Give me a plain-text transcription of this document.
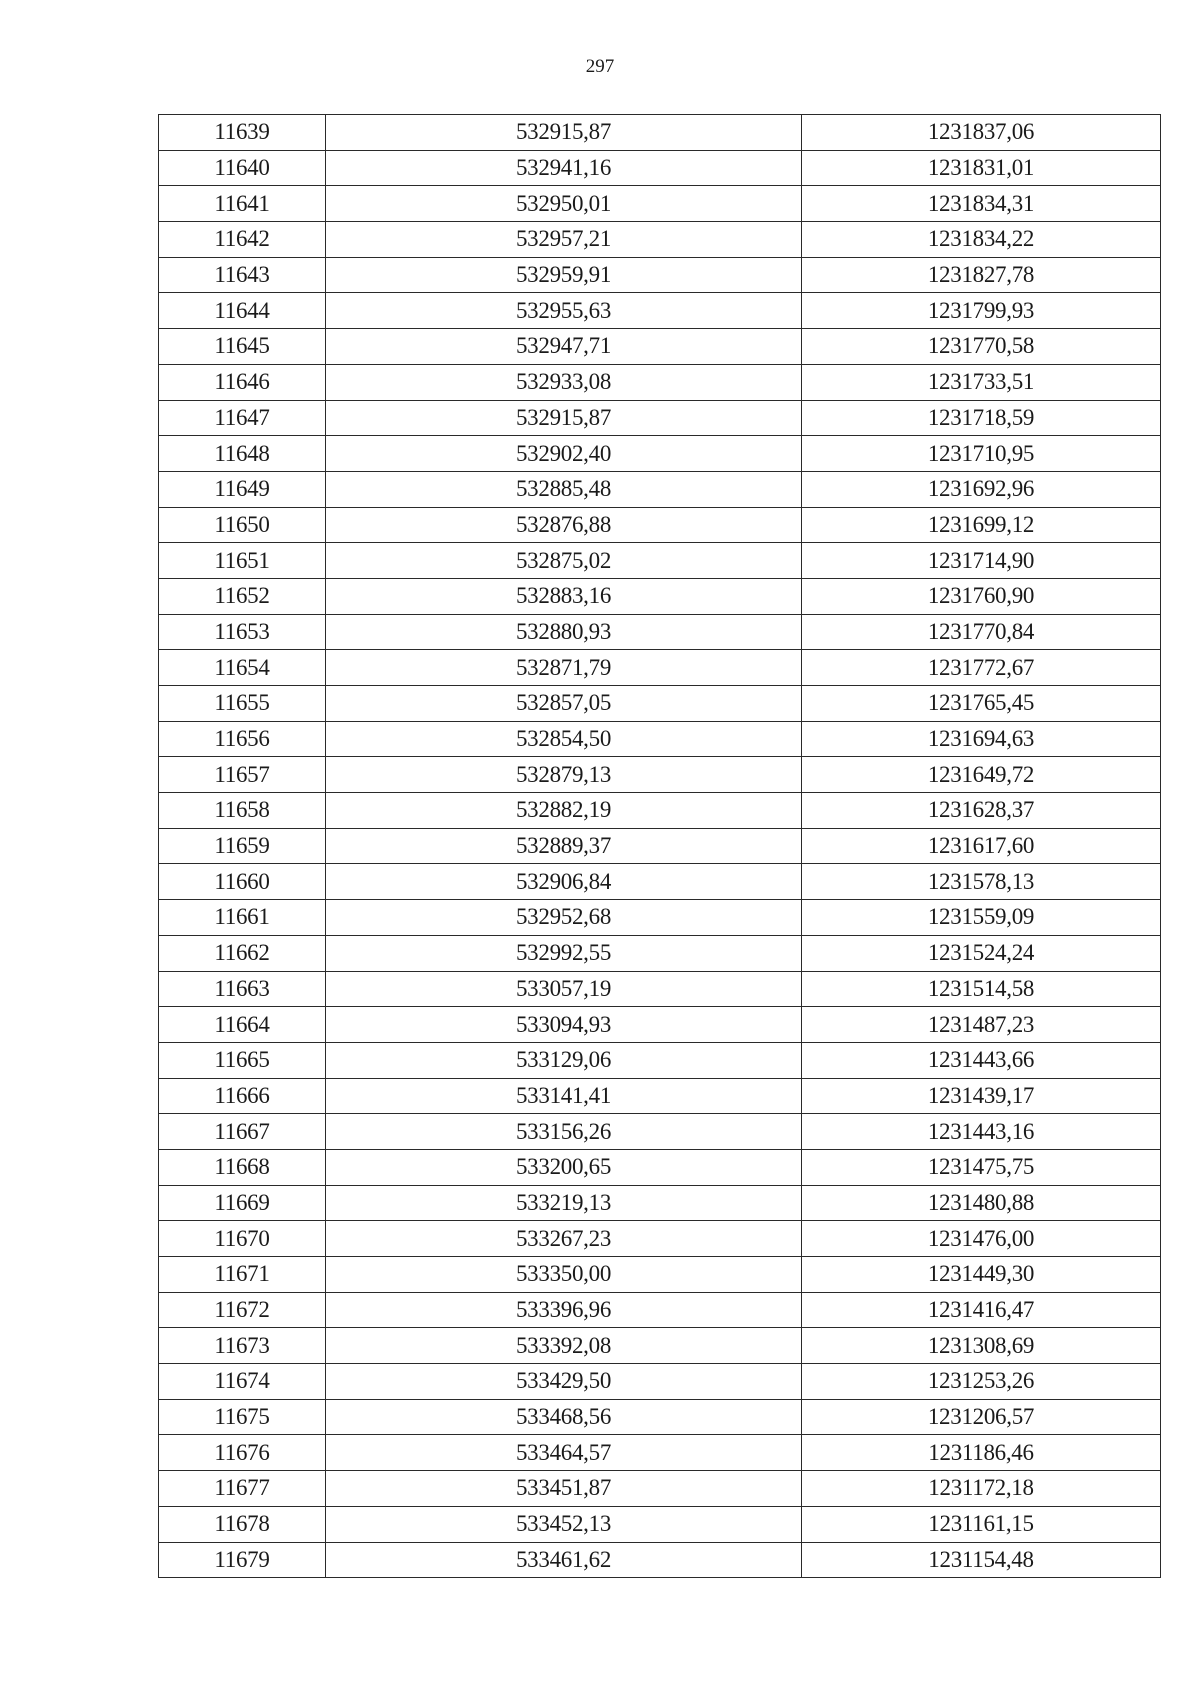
297
11639	532915,87	1231837,06
11640	532941,16	1231831,01
11641	532950,01	1231834,31
11642	532957,21	1231834,22
11643	532959,91	1231827,78
11644	532955,63	1231799,93
11645	532947,71	1231770,58
11646	532933,08	1231733,51
11647	532915,87	1231718,59
11648	532902,40	1231710,95
11649	532885,48	1231692,96
11650	532876,88	1231699,12
11651	532875,02	1231714,90
11652	532883,16	1231760,90
11653	532880,93	1231770,84
11654	532871,79	1231772,67
11655	532857,05	1231765,45
11656	532854,50	1231694,63
11657	532879,13	1231649,72
11658	532882,19	1231628,37
11659	532889,37	1231617,60
11660	532906,84	1231578,13
11661	532952,68	1231559,09
11662	532992,55	1231524,24
11663	533057,19	1231514,58
11664	533094,93	1231487,23
11665	533129,06	1231443,66
11666	533141,41	1231439,17
11667	533156,26	1231443,16
11668	533200,65	1231475,75
11669	533219,13	1231480,88
11670	533267,23	1231476,00
11671	533350,00	1231449,30
11672	533396,96	1231416,47
11673	533392,08	1231308,69
11674	533429,50	1231253,26
11675	533468,56	1231206,57
11676	533464,57	1231186,46
11677	533451,87	1231172,18
11678	533452,13	1231161,15
11679	533461,62	1231154,48
